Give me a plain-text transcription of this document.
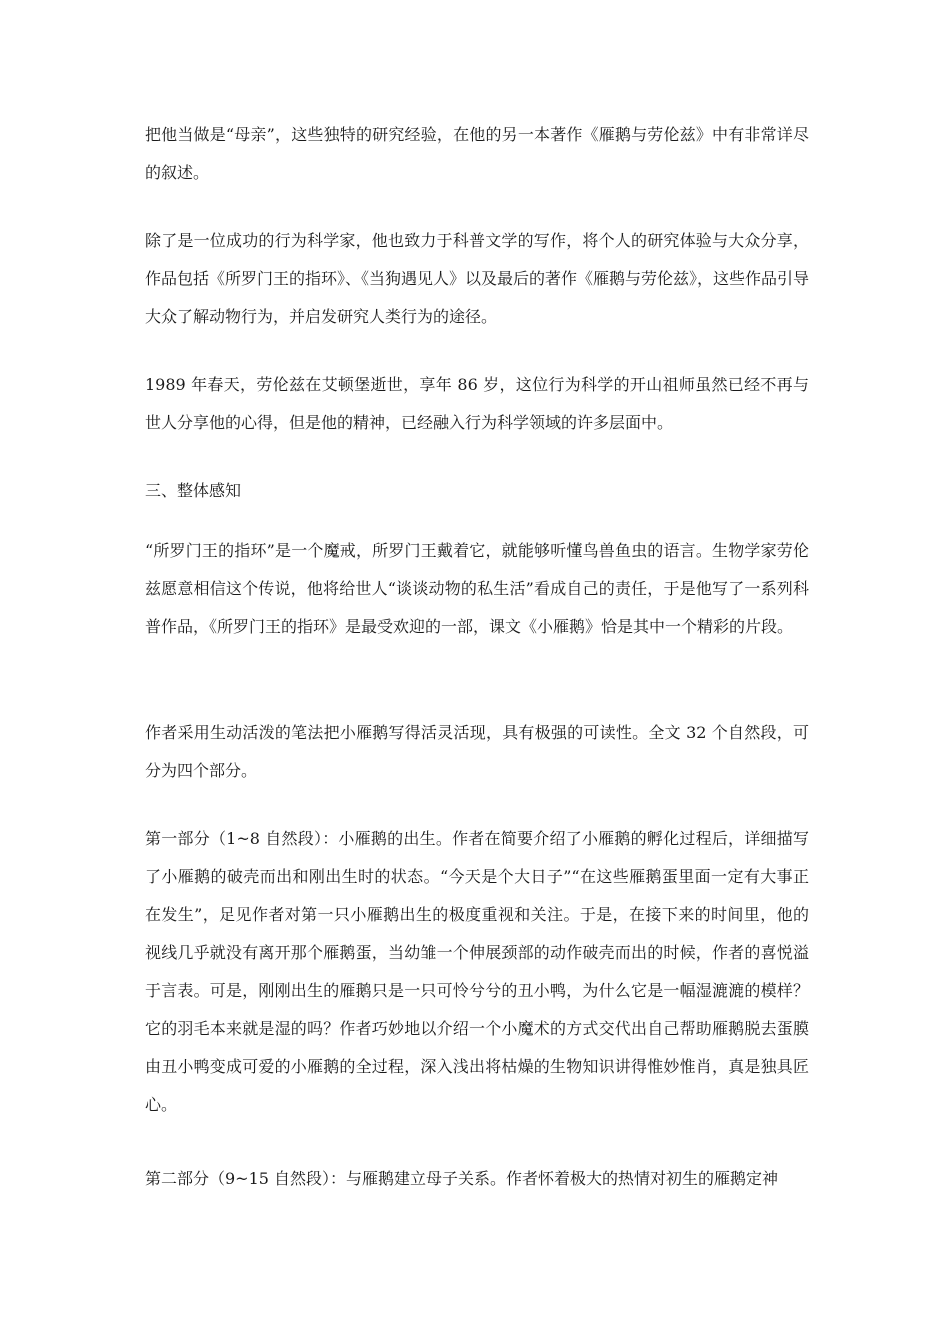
把他当做是“母亲”，这些独特的研究经验，在他的另一本著作《雁鹅与劳伦兹》中有非常详尽的叙述。

除了是一位成功的行为科学家，他也致力于科普文学的写作，将个人的研究体验与大众分享，作品包括《所罗门王的指环》、《当狗遇见人》以及最后的著作《雁鹅与劳伦兹》，这些作品引导大众了解动物行为，并启发研究人类行为的途径。

1989 年春天，劳伦兹在艾顿堡逝世，享年 86 岁，这位行为科学的开山祖师虽然已经不再与世人分享他的心得，但是他的精神，已经融入行为科学领域的许多层面中。

三、整体感知

“所罗门王的指环”是一个魔戒，所罗门王戴着它，就能够听懂鸟兽鱼虫的语言。生物学家劳伦兹愿意相信这个传说，他将给世人“谈谈动物的私生活”看成自己的责任，于是他写了一系列科普作品，《所罗门王的指环》是最受欢迎的一部，课文《小雁鹅》恰是其中一个精彩的片段。

作者采用生动活泼的笔法把小雁鹅写得活灵活现，具有极强的可读性。全文 32 个自然段，可分为四个部分。

第一部分（1~8 自然段）：小雁鹅的出生。作者在简要介绍了小雁鹅的孵化过程后，详细描写了小雁鹅的破壳而出和刚出生时的状态。“今天是个大日子”“在这些雁鹅蛋里面一定有大事正在发生”，足见作者对第一只小雁鹅出生的极度重视和关注。于是，在接下来的时间里，他的视线几乎就没有离开那个雁鹅蛋，当幼雏一个伸展颈部的动作破壳而出的时候，作者的喜悦溢于言表。可是，刚刚出生的雁鹅只是一只可怜兮兮的丑小鸭，为什么它是一幅湿漉漉的模样？它的羽毛本来就是湿的吗？作者巧妙地以介绍一个小魔术的方式交代出自己帮助雁鹅脱去蛋膜由丑小鸭变成可爱的小雁鹅的全过程，深入浅出将枯燥的生物知识讲得惟妙惟肖，真是独具匠心。

第二部分（9~15 自然段）：与雁鹅建立母子关系。作者怀着极大的热情对初生的雁鹅定神
